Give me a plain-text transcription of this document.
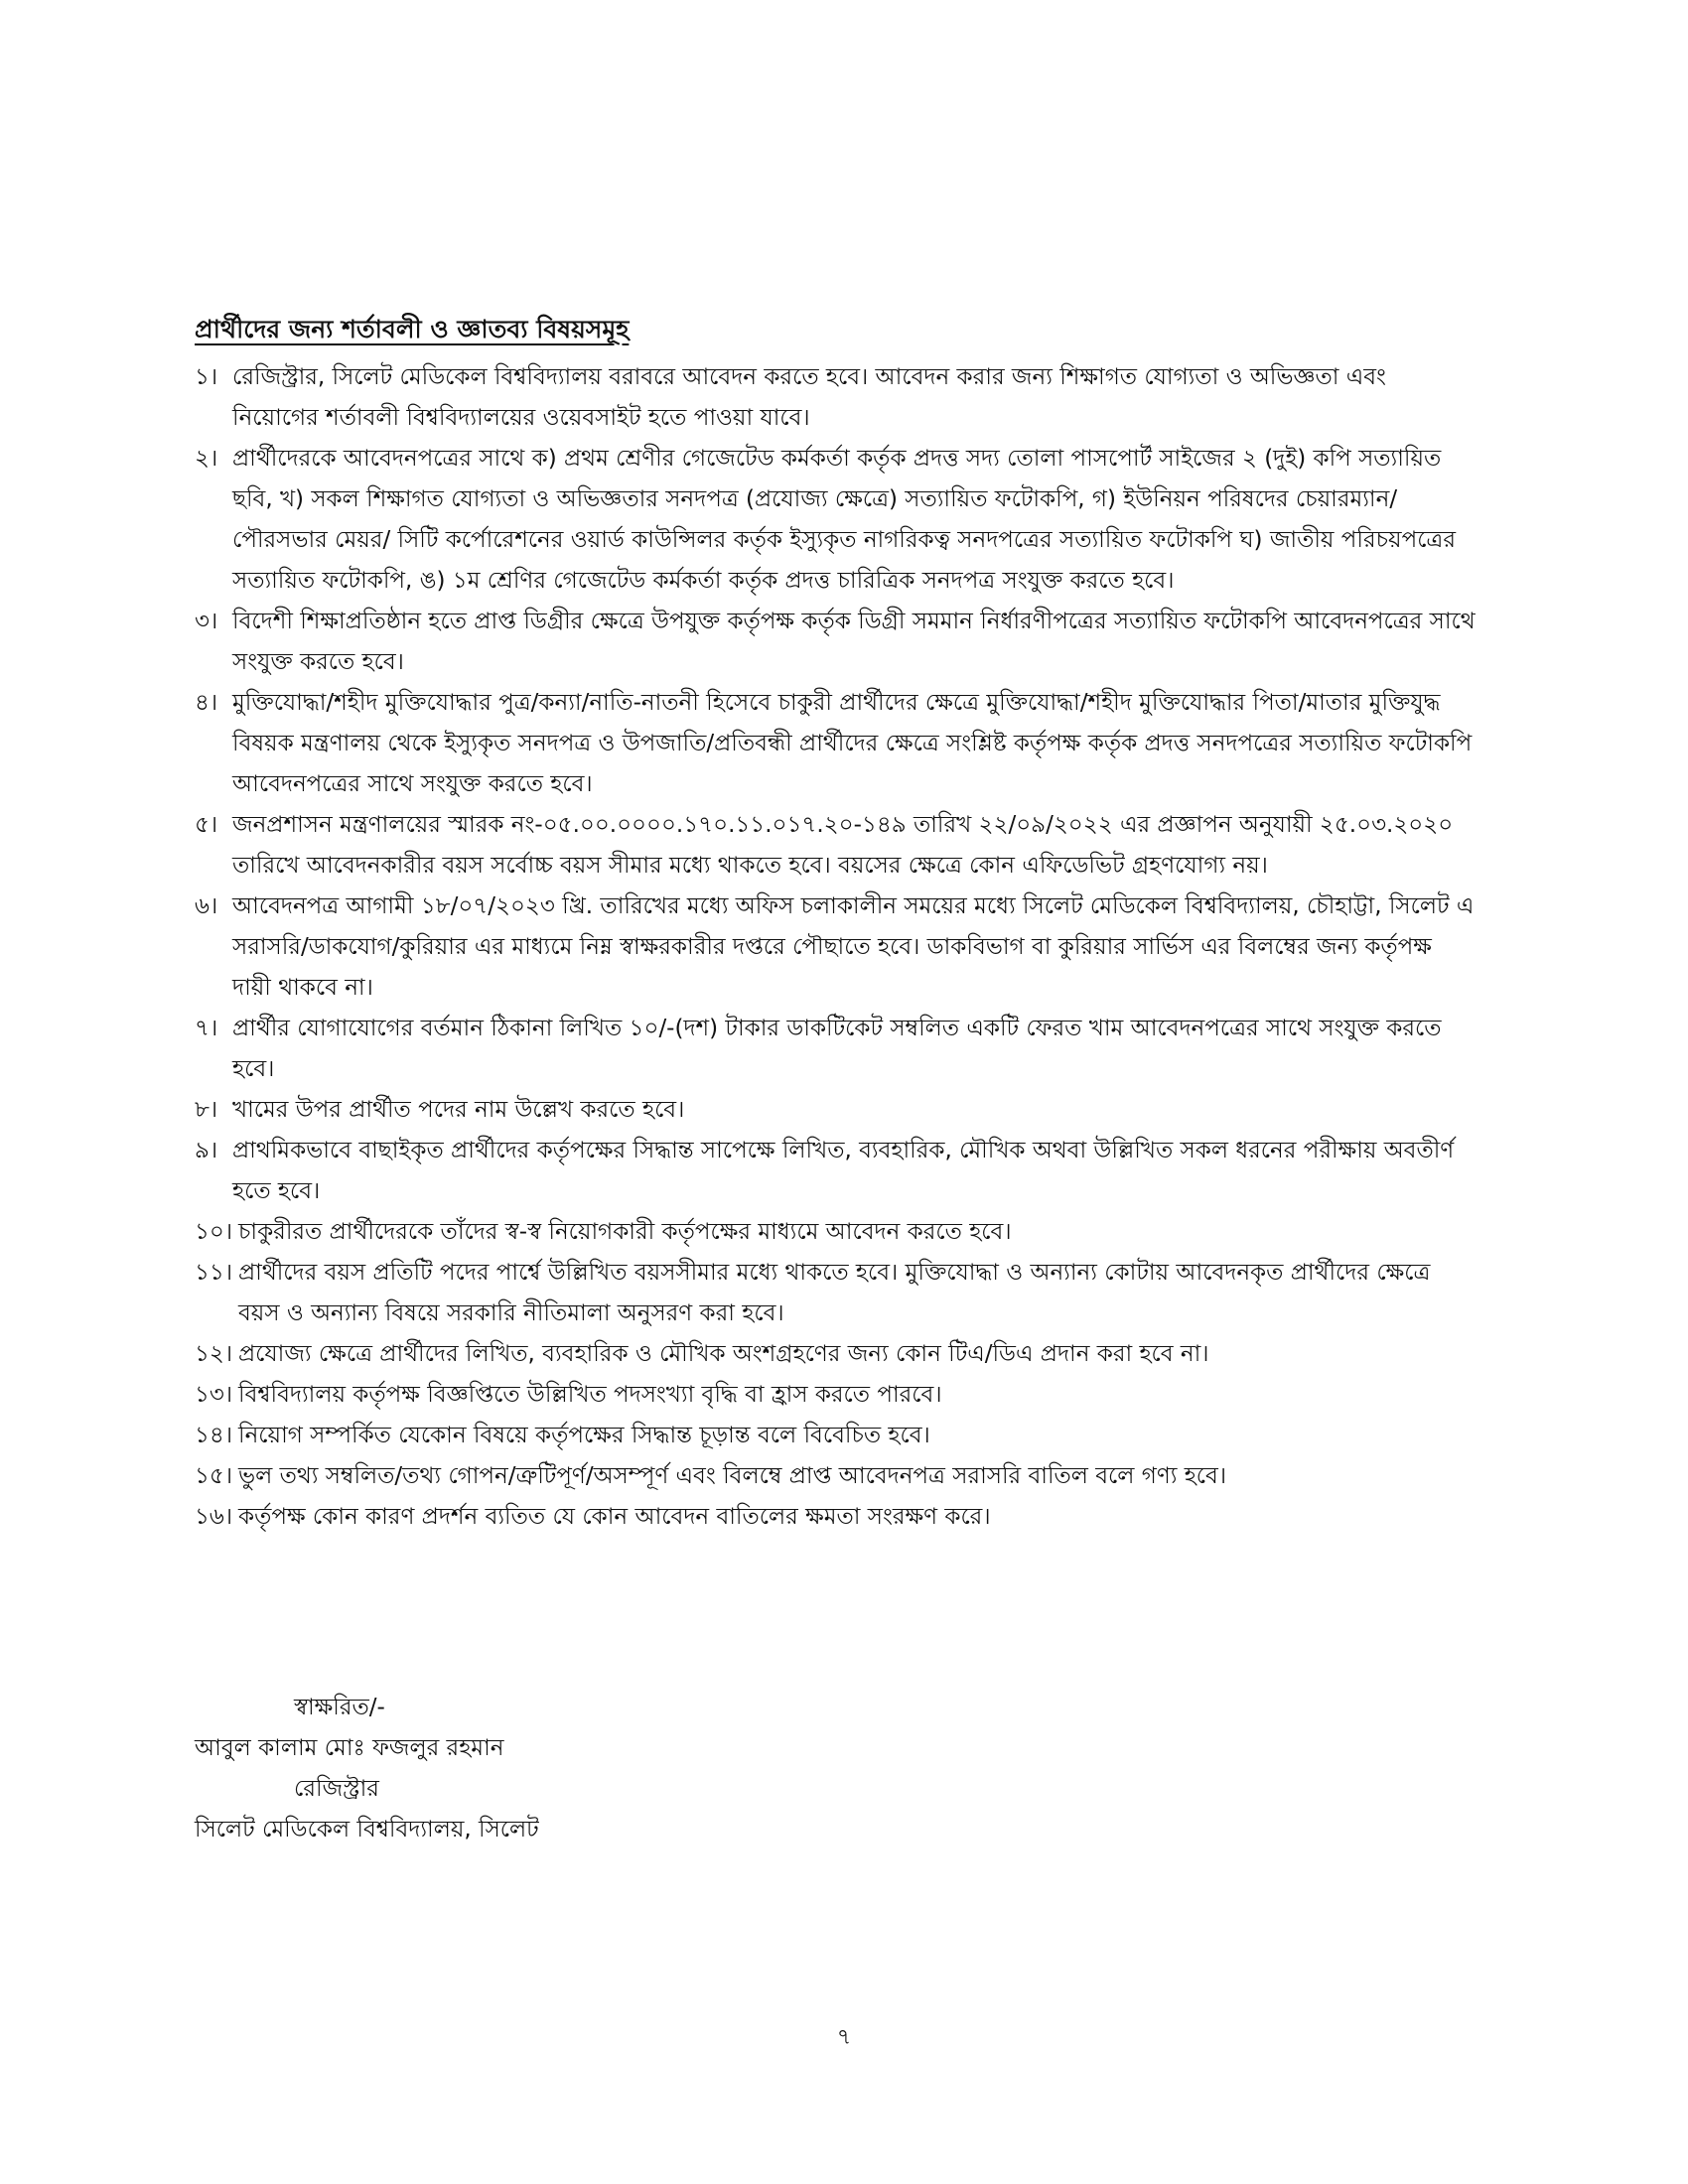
প্রার্থীদের জন্য শর্তাবলী ও জ্ঞাতব্য বিষয়সমূহ
১। রেজিস্ট্রার, সিলেট মেডিকেল বিশ্ববিদ্যালয় বরাবরে আবেদন করতে হবে। আবেদন করার জন্য শিক্ষাগত যোগ্যতা ও অভিজ্ঞতা এবং নিয়োগের শর্তাবলী বিশ্ববিদ্যালয়ের ওয়েবসাইট হতে পাওয়া যাবে।
২। প্রার্থীদেরকে আবেদনপত্রের সাথে ক) প্রথম শ্রেণীর গেজেটেড কর্মকর্তা কর্তৃক প্রদত্ত সদ্য তোলা পাসপোর্ট সাইজের ২ (দুই) কপি সত্যায়িত ছবি, খ) সকল শিক্ষাগত যোগ্যতা ও অভিজ্ঞতার সনদপত্র (প্রযোজ্য ক্ষেত্রে) সত্যায়িত ফটোকপি, গ) ইউনিয়ন পরিষদের চেয়ারম্যান/পৌরসভার মেয়র/ সিটি কর্পোরেশনের ওয়ার্ড কাউন্সিলর কর্তৃক ইস্যুকৃত নাগরিকত্ব সনদপত্রের সত্যায়িত ফটোকপি ঘ) জাতীয় পরিচয়পত্রের সত্যায়িত ফটোকপি, ঙ) ১ম শ্রেণির গেজেটেড কর্মকর্তা কর্তৃক প্রদত্ত চারিত্রিক সনদপত্র সংযুক্ত করতে হবে।
৩। বিদেশী শিক্ষাপ্রতিষ্ঠান হতে প্রাপ্ত ডিগ্রীর ক্ষেত্রে উপযুক্ত কর্তৃপক্ষ কর্তৃক ডিগ্রী সমমান নির্ধারণীপত্রের সত্যায়িত ফটোকপি আবেদনপত্রের সাথে সংযুক্ত করতে হবে।
৪। মুক্তিযোদ্ধা/শহীদ মুক্তিযোদ্ধার পুত্র/কন্যা/নাতি-নাতনী হিসেবে চাকুরী প্রার্থীদের ক্ষেত্রে মুক্তিযোদ্ধা/শহীদ মুক্তিযোদ্ধার পিতা/মাতার মুক্তিযুদ্ধ বিষয়ক মন্ত্রণালয় থেকে ইস্যুকৃত সনদপত্র ও উপজাতি/প্রতিবন্ধী প্রার্থীদের ক্ষেত্রে সংশ্লিষ্ট কর্তৃপক্ষ কর্তৃক প্রদত্ত সনদপত্রের সত্যায়িত ফটোকপি আবেদনপত্রের সাথে সংযুক্ত করতে হবে।
৫। জনপ্রশাসন মন্ত্রণালয়ের স্মারক নং-০৫.০০.০০০০.১৭০.১১.০১৭.২০-১৪৯ তারিখ ২২/০৯/২০২২ এর প্রজ্ঞাপন অনুযায়ী ২৫.০৩.২০২০ তারিখে আবেদনকারীর বয়স সর্বোচ্চ বয়স সীমার মধ্যে থাকতে হবে। বয়সের ক্ষেত্রে কোন এফিডেভিট গ্রহণযোগ্য নয়।
৬। আবেদনপত্র আগামী ১৮/০৭/২০২৩ খ্রি. তারিখের মধ্যে অফিস চলাকালীন সময়ের মধ্যে সিলেট মেডিকেল বিশ্ববিদ্যালয়, চৌহাট্টা, সিলেট এ সরাসরি/ডাকযোগ/কুরিয়ার এর মাধ্যমে নিম্ন স্বাক্ষরকারীর দপ্তরে পৌছাতে হবে। ডাকবিভাগ বা কুরিয়ার সার্ভিস এর বিলম্বের জন্য কর্তৃপক্ষ দায়ী থাকবে না।
৭। প্রার্থীর যোগাযোগের বর্তমান ঠিকানা লিখিত ১০/-(দশ) টাকার ডাকটিকেট সম্বলিত একটি ফেরত খাম আবেদনপত্রের সাথে সংযুক্ত করতে হবে।
৮। খামের উপর প্রার্থীত পদের নাম উল্লেখ করতে হবে।
৯। প্রাথমিকভাবে বাছাইকৃত প্রার্থীদের কর্তৃপক্ষের সিদ্ধান্ত সাপেক্ষে লিখিত, ব্যবহারিক, মৌখিক অথবা উল্লিখিত সকল ধরনের পরীক্ষায় অবতীর্ণ হতে হবে।
১০। চাকুরীরত প্রার্থীদেরকে তাঁদের স্ব-স্ব নিয়োগকারী কর্তৃপক্ষের মাধ্যমে আবেদন করতে হবে।
১১। প্রার্থীদের বয়স প্রতিটি পদের পার্শ্বে উল্লিখিত বয়সসীমার মধ্যে থাকতে হবে। মুক্তিযোদ্ধা ও অন্যান্য কোটায় আবেদনকৃত প্রার্থীদের ক্ষেত্রে বয়স ও অন্যান্য বিষয়ে সরকারি নীতিমালা অনুসরণ করা হবে।
১২। প্রযোজ্য ক্ষেত্রে প্রার্থীদের লিখিত, ব্যবহারিক ও মৌখিক অংশগ্রহণের জন্য কোন টিএ/ডিএ প্রদান করা হবে না।
১৩। বিশ্ববিদ্যালয় কর্তৃপক্ষ বিজ্ঞপ্তিতে উল্লিখিত পদসংখ্যা বৃদ্ধি বা হ্রাস করতে পারবে।
১৪। নিয়োগ সম্পর্কিত যেকোন বিষয়ে কর্তৃপক্ষের সিদ্ধান্ত চূড়ান্ত বলে বিবেচিত হবে।
১৫। ভুল তথ্য সম্বলিত/তথ্য গোপন/ত্রুটিপূর্ণ/অসম্পূর্ণ এবং বিলম্বে প্রাপ্ত আবেদনপত্র সরাসরি বাতিল বলে গণ্য হবে।
১৬। কর্তৃপক্ষ কোন কারণ প্রদর্শন ব্যতিত যে কোন আবেদন বাতিলের ক্ষমতা সংরক্ষণ করে।
স্বাক্ষরিত/-
আবুল কালাম মোঃ ফজলুর রহমান
রেজিস্ট্রার
সিলেট মেডিকেল বিশ্ববিদ্যালয়, সিলেট
৭
